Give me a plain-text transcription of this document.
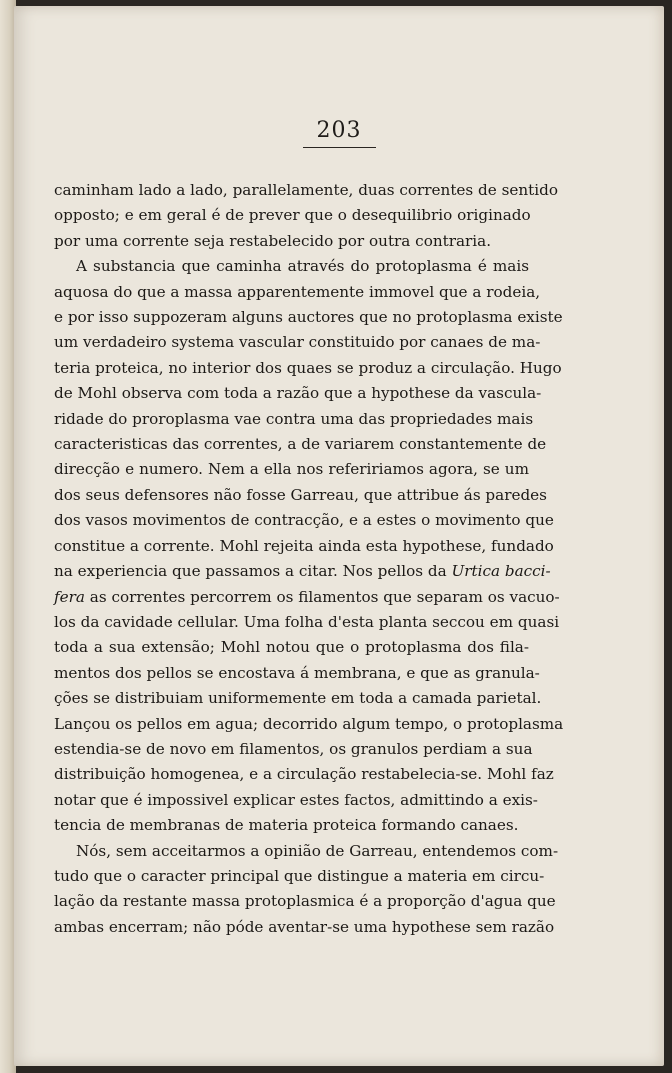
203

caminham lado a lado, parallelamente, duas correntes de sentido

opposto; e em geral é de prever que o desequilibrio originado

por uma corrente seja restabelecido por outra contraria.

A substancia que caminha através do protoplasma é mais

aquosa do que a massa apparentemente immovel que a rodeia,

e por isso suppozeram alguns auctores que no protoplasma existe

um verdadeiro systema vascular constituido por canaes de ma-

teria proteica, no interior dos quaes se produz a circulação. Hugo

de Mohl observa com toda a razão que a hypothese da vascula-

ridade do proroplasma vae contra uma das propriedades mais

caracteristicas das correntes, a de variarem constantemente de

direcção e numero. Nem a ella nos refeririamos agora, se um

dos seus defensores não fosse Garreau, que attribue ás paredes

dos vasos movimentos de contracção, e a estes o movimento que

constitue a corrente. Mohl rejeita ainda esta hypothese, fundado

na experiencia que passamos a citar. Nos pellos da Urtica bacci-

fera as correntes percorrem os filamentos que separam os vacuo-

los da cavidade cellular. Uma folha d'esta planta seccou em quasi

toda a sua extensão; Mohl notou que o protoplasma dos fila-

mentos dos pellos se encostava á membrana, e que as granula-

ções se distribuiam uniformemente em toda a camada parietal.

Lançou os pellos em agua; decorrido algum tempo, o protoplasma

estendia-se de novo em filamentos, os granulos perdiam a sua

distribuição homogenea, e a circulação restabelecia-se. Mohl faz

notar que é impossivel explicar estes factos, admittindo a exis-

tencia de membranas de materia proteica formando canaes.

Nós, sem acceitarmos a opinião de Garreau, entendemos com-

tudo que o caracter principal que distingue a materia em circu-

lação da restante massa protoplasmica é a proporção d'agua que

ambas encerram; não póde aventar-se uma hypothese sem razão
